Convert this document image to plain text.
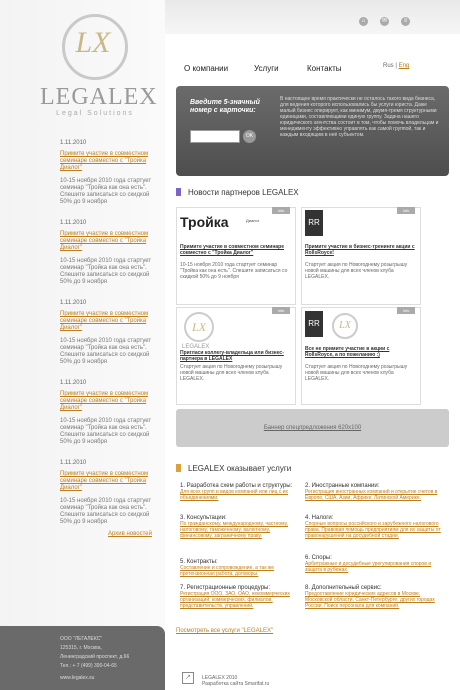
⌂	✉	≡
LX
LEGALEX
Legal Solutions
О компании	Услуги	Контакты	Rus | Eng
Введите 5-значный номер с карточки:
OK
В настоящее время практически не осталось такого вида бизнеса, для ведения которого использовались бы услуги юриста. Даже малый бизнес оперирует, как минимум, двумя-тремя структурными единицами, составляющими единую группу. Задача нашего юридического агентства состоит в том, чтобы помочь владельцам и менеджменту эффективно управлять как самой группой, так и каждым входящим в неё субъектом.
1.11.2010
Примите участие в совместном семинаре совместно с "Тройка Диалог"
10-15 ноября 2010 года стартует семинар "Тройка как она есть". Спешите записаться со скидкой 50% до 9 ноября
1.11.2010
Примите участие в совместном семинаре совместно с "Тройка Диалог"
10-15 ноября 2010 года стартует семинар "Тройка как она есть". Спешите записаться со скидкой 50% до 9 ноября
1.11.2010
Примите участие в совместном семинаре совместно с "Тройка Диалог"
10-15 ноября 2010 года стартует семинар "Тройка как она есть". Спешите записаться со скидкой 50% до 9 ноября
1.11.2010
Примите участие в совместном семинаре совместно с "Тройка Диалог"
10-15 ноября 2010 года стартует семинар "Тройка как она есть". Спешите записаться со скидкой 50% до 9 ноября
1.11.2010
Примите участие в совместном семинаре совместно с "Тройка Диалог"
10-15 ноября 2010 года стартует семинар "Тройка как она есть". Спешите записаться со скидкой 50% до 9 ноября
Архив новостей
Новости партнеров LEGALEX
Info
Тройка	Диалог
Примите участие в совместном семинаре совместно с "Тройка Диалог"
10-15 ноября 2010 года стартует семинар "Тройка как она есть". Спешите записаться со скидкой 50% до 9 ноября
Info
RR
Примите участие в бизнес-тренинге акции с RollsRoyce!
Стартует акция по Новогоднему розыгрышу новой машины для всех членов клуба LEGALEX.
Info
LX
LEGALEX
Пригласи коллегу-владельца или бизнес-партнера в LEGALEX
Стартует акция по Новогоднему розыгрышу новой машины для всех членов клуба LEGALEX.
Info
RR	LX
Все не примите участие в акции с RollsRoyce, а по пожеланию :)
Стартует акция по Новогоднему розыгрышу новой машины для всех членов клуба LEGALEX.
Баннер спецпредложения 620x100
LEGALEX оказывает услуги
1. Разработка схем работы и структуры:
Для всех групп и видов компаний или лиц с их объединениями.
3. Консультации:
По гражданскому, международному, частному, налоговому, таможенному, валютному, финансовому, заграничному праву.
5. Контракты:
Составление и сопровождение, а так же претензионная работа, договоры.
7. Регистрационные процедуры:
Регистрация ООО, ЗАО, ОАО, некоммерческих организаций, коммерческих, филиалов, представительств, управлений.
2. Иностранные компании:
Регистрация иностранных компаний и открытие счетов в Европе, США, Азии, Африке, Латинской Америке.
4. Налоги:
Спорные вопросы российского и зарубежного налогового права. Правовая помощь предприятиям для их защиты от правонарушений на досудебной стадии.
6. Споры:
Арбитражные и досудебные урегулирования споров и защита в рубежах.
8. Дополнительный сервис:
Предоставление юридических адресов в Москве, Московской области, Санкт-Петербурге, других городах России. Поиск персонала для компаний.
Посмотреть все услуги "LEGALEX"
ООО "ЛЕГАЛЕКС"
125315, г. Москва,
Ленинградский проспект, д.66
Тел.: + 7 (499) 390-04-65
www.legalex.su	↗	LEGALEX 2010
Разработка сайта Smartfat.ru
